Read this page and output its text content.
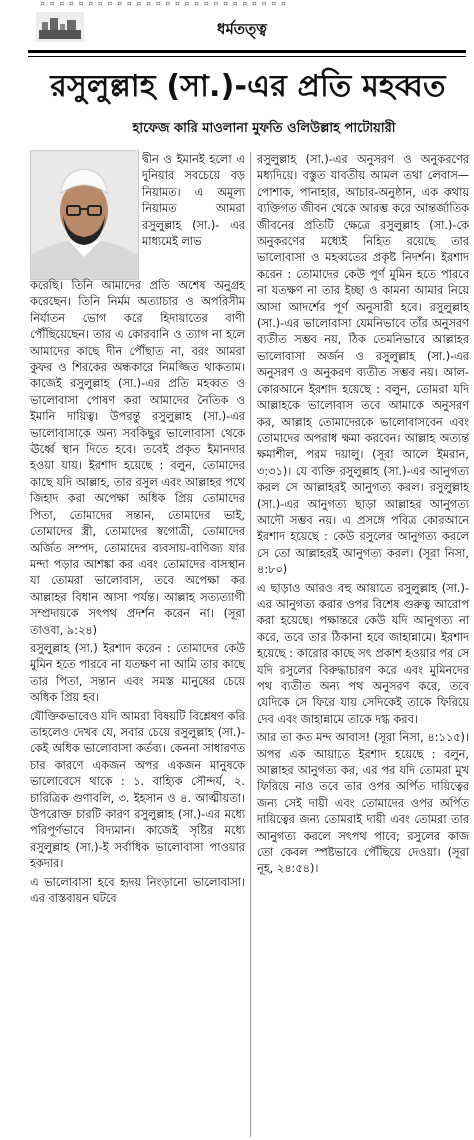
¤ ¤ ¤ ¤ ¤ ¤ ¤ ¤ ¤ ¤ ¤ ¤ ¤ ¤ ¤ ¤ ¤ ¤ ¤ ¤ ¤ ¤ ¤ ¤ ¤ ¤
ধর্মতত্ত্ব
রসুলুল্লাহ (সা.)-এর প্রতি মহব্বত
হাফেজ কারি মাওলানা মুফতি ওলিউল্লাহ পাটোয়ারী

দ্বীন ও ইমানই হলো এ দুনিয়ার সবচেয়ে বড় নিয়ামত। এ অমূল্য নিয়ামত আমরা রসুলুল্লাহ (সা.)- এর মাধ্যমেই লাভ

করেছি। তিনি আমাদের প্রতি অশেষ অনুগ্রহ করেছেন। তিনি নির্মম অত্যাচার ও অপরিসীম নির্যাতন ভোগ করে হিদায়াতের বাণী পৌঁছিয়েছেন। তার এ কোরবানি ও ত্যাগ না হলে আমাদের কাছে দীন পৌঁছাত না, বরং আমরা কুফর ও শিরকের অন্ধকারে নিমজ্জিত থাকতাম। কাজেই রসুলুল্লাহ (সা.)-এর প্রতি মহব্বত ও ভালোবাসা পোষণ করা আমাদের নৈতিক ও ইমানি দায়িত্ব। উপরন্তু রসুলুল্লাহ (সা.)-এর ভালোবাসাকে অন্য সবকিছুর ভালোবাসা থেকে ঊর্ধ্বে স্থান দিতে হবে। তবেই প্রকৃত ইমানদার হওয়া যায়। ইরশাদ হয়েছে : বলুন, তোমাদের কাছে যদি আল্লাহ, তার রসুল এবং আল্লাহর পথে জিহাদ করা অপেক্ষা অধিক প্রিয় তোমাদের পিতা, তোমাদের সন্তান, তোমাদের ভাই, তোমাদের স্ত্রী, তোমাদের স্বগোত্রী, তোমাদের অর্জিত সম্পদ, তোমাদের ব্যবসায়-বাণিজ্য যার মন্দা পড়ার আশঙ্কা কর এবং তোমাদের বাসস্থান যা তোমরা ভালোবাস, তবে অপেক্ষা কর আল্লাহর বিধান আসা পর্যন্ত। আল্লাহ সত্যত্যাগী সম্প্রদায়কে সৎপথ প্রদর্শন করেন না। (সূরা তাওবা, ৯:২৪)

রসুলুল্লাহ (সা.) ইরশাদ করেন : তোমাদের কেউ মুমিন হতে পারবে না যতক্ষণ না আমি তার কাছে তার পিতা, সন্তান এবং সমস্ত মানুষের চেয়ে অধিক প্রিয় হব।

যৌক্তিকভাবেও যদি আমরা বিষয়টি বিশ্লেষণ করি তাহলেও দেখব যে, সবার চেয়ে রসুলুল্লাহ (সা.)-কেই অধিক ভালোবাসা কর্তব্য। কেননা সাধারণত চার কারণে একজন অপর একজন মানুষকে ভালোবেসে থাকে : ১. বাহ্যিক সৌন্দর্য, ২. চারিত্রিক গুণাবলি, ৩. ইহসান ও ৪. আত্মীয়তা। উপরোক্ত চারটি কারণ রসুলুল্লাহ (সা.)-এর মধ্যে পরিপূর্ণভাবে বিদ্যমান। কাজেই সৃষ্টির মধ্যে রসুলুল্লাহ (সা.)-ই সর্বাধিক ভালোবাসা পাওয়ার হকদার।

এ ভালোবাসা হবে হৃদয় নিংড়ানো ভালোবাসা। এর বাস্তবায়ন ঘটবে

রসুলুল্লাহ (সা.)-এর অনুসরণ ও অনুকরণের মধ্যদিয়ে। বস্তুত যাবতীয় আমল তথা লেবাস— পোশাক, পানাহার, আচার-অনুষ্ঠান, এক কথায় ব্যক্তিগত জীবন থেকে আরম্ভ করে আন্তর্জাতিক জীবনের প্রতিটি ক্ষেত্রে রসুলুল্লাহ (সা.)-কে অনুকরণের মধ্যেই নিহিত রয়েছে তার ভালোবাসা ও মহব্বতের প্রকৃষ্ট নিদর্শন। ইরশাদ করেন : তোমাদের কেউ পূর্ণ মুমিন হতে পারবে না যতক্ষণ না তার ইচ্ছা ও কামনা আমার নিয়ে আসা আদর্শের পূর্ণ অনুসারী হবে। রসুলুল্লাহ (সা.)-এর ভালোবাসা যেমনিভাবে তাঁর অনুসরণ ব্যতীত সম্ভব নয়, ঠিক তেমনিভাবে আল্লাহর ভালোবাসা অর্জন ও রসুলুল্লাহ (সা.)-এর অনুসরণ ও অনুকরণ ব্যতীত সম্ভব নয়। আল-কোরআনে ইরশাদ হয়েছে : বলুন, তোমরা যদি আল্লাহকে ভালোবাস তবে আমাকে অনুসরণ কর, আল্লাহ তোমাদেরকে ভালোবাসবেন এবং তোমাদের অপরাধ ক্ষমা করবেন। আল্লাহ অত্যন্ত ক্ষমাশীল, পরম দয়ালু। (সূরা আলে ইমরান, ৩:৩১)। যে ব্যক্তি রসুলুল্লাহ (সা.)-এর আনুগত্য করল সে আল্লাহরই আনুগত্য করল। রসুলুল্লাহ (সা.)-এর আনুগত্য ছাড়া আল্লাহর আনুগত্য আদৌ সম্ভব নয়। এ প্রসঙ্গে পবিত্র কোরআনে ইরশাদ হয়েছে : কেউ রসুলের আনুগত্য করলে সে তো আল্লাহরই আনুগত্য করল। (সূরা নিসা, ৪:৮০)

এ ছাড়াও আরও বহু আয়াতে রসুলুল্লাহ (সা.)-এর আনুগত্য করার ওপর বিশেষ গুরুত্ব আরোপ করা হয়েছে। পক্ষান্তরে কেউ যদি আনুগত্য না করে, তবে তার ঠিকানা হবে জাহান্নামে। ইরশাদ হয়েছে : কারোর কাছে সৎ প্রকাশ হওয়ার পর সে যদি রসুলের বিরুদ্ধাচারণ করে এবং মুমিনদের পথ ব্যতীত অন্য পথ অনুসরণ করে, তবে যেদিকে সে ফিরে যায় সেদিকেই তাকে ফিরিয়ে দেব এবং জাহান্নামে তাকে দগ্ধ করব।

আর তা কত মন্দ আবাস! (সূরা নিসা, ৪:১১৫)। অপর এক আয়াতে ইরশাদ হয়েছে : বলুন, আল্লাহর আনুগত্য কর, এর পর যদি তোমরা মুখ ফিরিয়ে নাও তবে তার ওপর অর্পিত দায়িত্বের জন্য সেই দায়ী এবং তোমাদের ওপর অর্পিত দায়িত্বের জন্য তোমরাই দায়ী এবং তোমরা তার আনুগত্য করলে সৎপথ পাবে; রসুলের কাজ তো কেবল স্পষ্টভাবে পৌঁছিয়ে দেওয়া। (সূরা নূহ, ২৪:৫৪)।
